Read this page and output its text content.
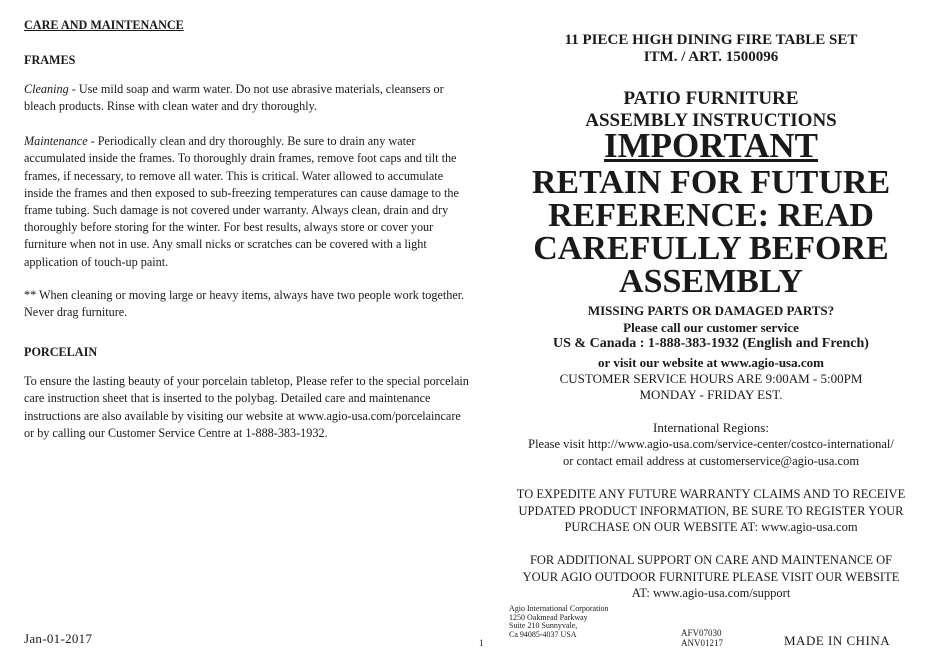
CARE AND MAINTENANCE
FRAMES

Cleaning - Use mild soap and warm water. Do not use abrasive materials, cleansers or bleach products. Rinse with clean water and dry thoroughly.

Maintenance - Periodically clean and dry thoroughly. Be sure to drain any water accumulated inside the frames. To thoroughly drain frames, remove foot caps and tilt the frames, if necessary, to remove all water. This is critical. Water allowed to accumulate inside the frames and then exposed to sub-freezing temperatures can cause damage to the frame tubing. Such damage is not covered under warranty. Always clean, drain and dry thoroughly before storing for the winter. For best results, always store or cover your furniture when not in use. Any small nicks or scratches can be covered with a light application of touch-up paint.

** When cleaning or moving large or heavy items, always have two people work together. Never drag furniture.

PORCELAIN

To ensure the lasting beauty of your porcelain tabletop, Please refer to the special porcelain care instruction sheet that is inserted to the polybag. Detailed care and maintenance instructions are also available by visiting our website at www.agio-usa.com/porcelaincare or by calling our Customer Service Centre at 1-888-383-1932.

Jan-01-2017	1
11 PIECE HIGH DINING FIRE TABLE SET
ITM. / ART. 1500096
PATIO FURNITURE
ASSEMBLY INSTRUCTIONS
IMPORTANT
RETAIN FOR FUTURE
REFERENCE: READ
CAREFULLY BEFORE
ASSEMBLY
MISSING PARTS OR DAMAGED PARTS?
Please call our customer service
US & Canada : 1-888-383-1932 (English and French)
or visit our website at www.agio-usa.com
CUSTOMER SERVICE HOURS ARE 9:00AM - 5:00PM
MONDAY - FRIDAY EST.
International Regions:
Please visit http://www.agio-usa.com/service-center/costco-international/
or contact email address at customerservice@agio-usa.com
TO EXPEDITE ANY FUTURE WARRANTY CLAIMS AND TO RECEIVE
UPDATED PRODUCT INFORMATION, BE SURE TO REGISTER YOUR
PURCHASE ON OUR WEBSITE AT: www.agio-usa.com
FOR ADDITIONAL SUPPORT ON CARE AND MAINTENANCE OF
YOUR AGIO OUTDOOR FURNITURE PLEASE VISIT OUR WEBSITE
AT: www.agio-usa.com/support
Agio International Corporation
1250 Oakmead Parkway
Suite 210 Sunnyvale,
Ca 94085-4037 USA	AFV07030
ANV01217	MADE IN CHINA
